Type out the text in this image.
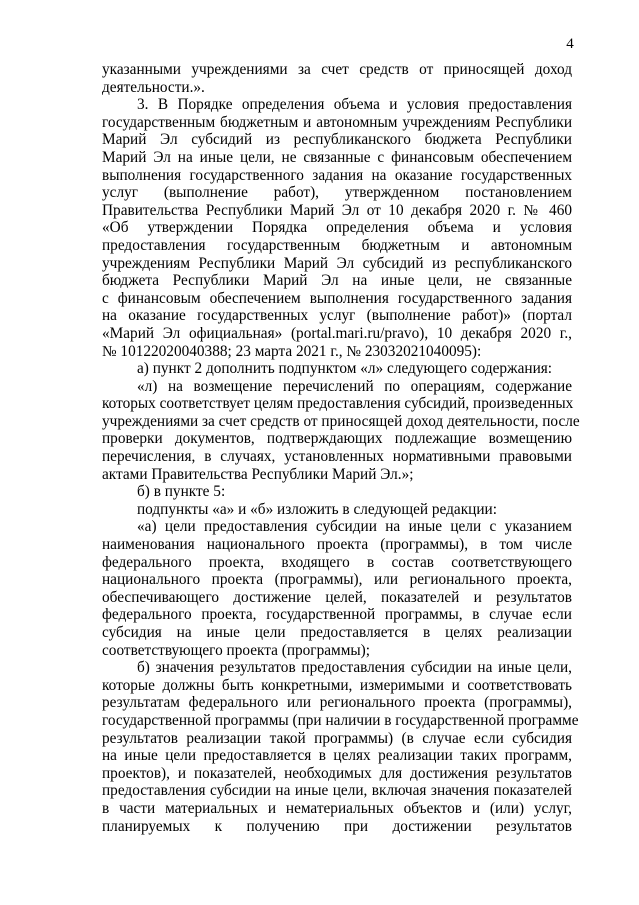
4
указанными учреждениями за счет средств от приносящей доход
деятельности.».
3. В Порядке определения объема и условия предоставления
государственным бюджетным и автономным учреждениям Республики
Марий Эл субсидий из республиканского бюджета Республики
Марий Эл на иные цели, не связанные с финансовым обеспечением
выполнения государственного задания на оказание государственных
услуг (выполнение работ), утвержденном постановлением
Правительства Республики Марий Эл от 10 декабря 2020 г. № 460
«Об утверждении Порядка определения объема и условия
предоставления государственным бюджетным и автономным
учреждениям Республики Марий Эл субсидий из республиканского
бюджета Республики Марий Эл на иные цели, не связанные
с финансовым обеспечением выполнения государственного задания
на оказание государственных услуг (выполнение работ)» (портал
«Марий Эл официальная» (portal.mari.ru/pravo), 10 декабря 2020 г.,
№ 10122020040388; 23 марта 2021 г., № 23032021040095):
а) пункт 2 дополнить подпунктом «л» следующего содержания:
«л) на возмещение перечислений по операциям, содержание
которых соответствует целям предоставления субсидий, произведенных
учреждениями за счет средств от приносящей доход деятельности, после
проверки документов, подтверждающих подлежащие возмещению
перечисления, в случаях, установленных нормативными правовыми
актами Правительства Республики Марий Эл.»;
б) в пункте 5:
подпункты «а» и «б» изложить в следующей редакции:
«а) цели предоставления субсидии на иные цели с указанием
наименования национального проекта (программы), в том числе
федерального проекта, входящего в состав соответствующего
национального проекта (программы), или регионального проекта,
обеспечивающего достижение целей, показателей и результатов
федерального проекта, государственной программы, в случае если
субсидия на иные цели предоставляется в целях реализации
соответствующего проекта (программы);
б) значения результатов предоставления субсидии на иные цели,
которые должны быть конкретными, измеримыми и соответствовать
результатам федерального или регионального проекта (программы),
государственной программы (при наличии в государственной программе
результатов реализации такой программы) (в случае если субсидия
на иные цели предоставляется в целях реализации таких программ,
проектов), и показателей, необходимых для достижения результатов
предоставления субсидии на иные цели, включая значения показателей
в части материальных и нематериальных объектов и (или) услуг,
планируемых к получению при достижении результатов
